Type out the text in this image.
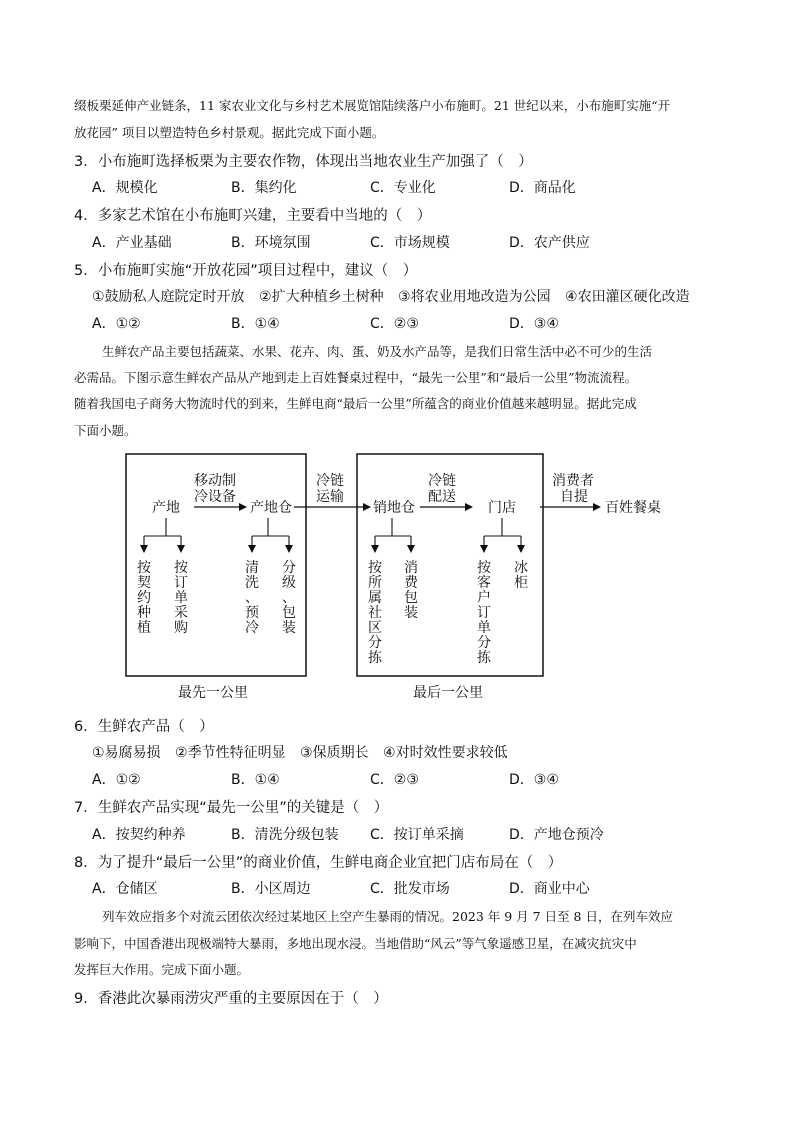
缀板栗延伸产业链条，11 家农业文化与乡村艺术展览馆陆续落户小布施町。21 世纪以来，小布施町实施“开
放花园” 项目以塑造特色乡村景观。据此完成下面小题。
3．小布施町选择板栗为主要农作物，体现出当地农业生产加强了（　）
A．规模化	B．集约化	C．专业化	D．商品化
4．多家艺术馆在小布施町兴建，主要看中当地的（　）
A．产业基础	B．环境氛围	C．市场规模	D．农产供应
5．小布施町实施“开放花园”项目过程中，建议（　）
①鼓励私人庭院定时开放 ②扩大种植乡土树种 ③将农业用地改造为公园 ④农田灌区硬化改造
A．①②	B．①④	C．②③	D．③④
生鲜农产品主要包括蔬菜、水果、花卉、肉、蛋、奶及水产品等，是我们日常生活中必不可少的生活
必需品。下图示意生鲜农产品从产地到走上百姓餐桌过程中，“最先一公里”和“最后一公里”物流流程。
随着我国电子商务大物流时代的到来，生鲜电商“最后一公里”所蕴含的商业价值越来越明显。据此完成
下面小题。
产地
移动制
冷设备
产地仓
冷链
运输
销地仓
冷链
配送
门店
消费者
自提
百姓餐桌
按契约种植
按订单采购
清洗、预冷
分级、包装
按所属社区分拣
消费包装
按客户订单分拣
冰柜
最先一公里	最后一公里
6．生鲜农产品（　）
①易腐易损 ②季节性特征明显 ③保质期长 ④对时效性要求较低
A．①②	B．①④	C．②③	D．③④
7．生鲜农产品实现“最先一公里”的关键是（　）
A．按契约种养	B．清洗分级包装	C．按订单采摘	D．产地仓预冷
8．为了提升“最后一公里”的商业价值，生鲜电商企业宜把门店布局在（　）
A．仓储区	B．小区周边	C．批发市场	D．商业中心
列车效应指多个对流云团依次经过某地区上空产生暴雨的情况。2023 年 9 月 7 日至 8 日，在列车效应
影响下，中国香港出现极端特大暴雨，多地出现水浸。当地借助“风云”等气象遥感卫星，在减灾抗灾中
发挥巨大作用。完成下面小题。
9．香港此次暴雨涝灾严重的主要原因在于（　）
